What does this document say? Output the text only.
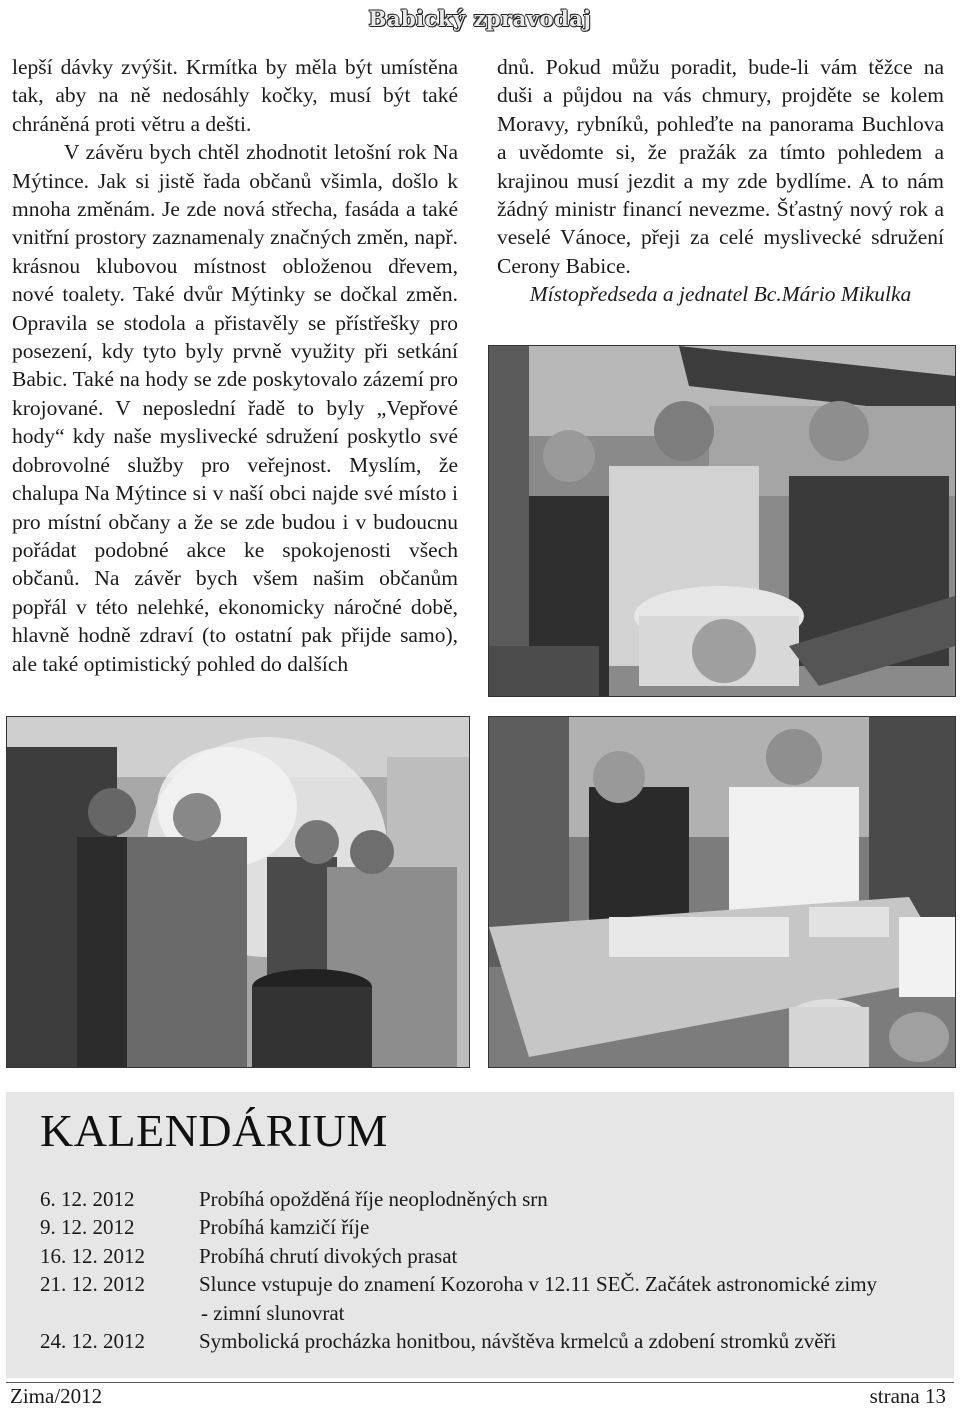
Babický zpravodaj

lepší dávky zvýšit. Krmítka by měla být umístěna tak, aby na ně nedosáhly kočky, musí být také chráněná proti větru a dešti.

V závěru bych chtěl zhodnotit letošní rok Na Mýtince. Jak si jistě řada občanů všimla, došlo k mnoha změnám. Je zde nová střecha, fasáda a také vnitřní prostory zaznamenaly značných změn, např. krásnou klubovou místnost obloženou dřevem, nové toalety. Také dvůr Mýtinky se dočkal změn. Opravila se stodola a přistavěly se přístřešky pro posezení, kdy tyto byly prvně využity při setkání Babic. Také na hody se zde poskytovalo zázemí pro krojované. V neposlední řadě to byly „Vepřové hody“ kdy naše myslivecké sdružení poskytlo své dobrovolné služby pro veřejnost. Myslím, že chalupa Na Mýtince si v naší obci najde své místo i pro místní občany a že se zde budou i v budoucnu pořádat podobné akce ke spokojenosti všech občanů. Na závěr bych všem našim občanům popřál v této nelehké, ekonomicky náročné době, hlavně hodně zdraví (to ostatní pak přijde samo), ale také optimistický pohled do dalších

dnů. Pokud můžu poradit, bude-li vám těžce na duši a půjdou na vás chmury, projděte se kolem Moravy, rybníků, pohleďte na panorama Buchlova a uvědomte si, že pražák za tímto pohledem a krajinou musí jezdit a my zde bydlíme. A to nám žádný ministr financí nevezme. Šťastný nový rok a veselé Vánoce, přeji za celé myslivecké sdružení Cerony Babice.

Místopředseda a jednatel Bc.Mário Mikulka

KALENDÁRIUM
6. 12. 2012	Probíhá opožděná říje neoplodněných srn
9. 12. 2012	Probíhá kamzičí říje
16. 12. 2012	Probíhá chrutí divokých prasat
21. 12. 2012	Slunce vstupuje do znamení Kozoroha v 12.11 SEČ. Začátek astronomické zimy
- zimní slunovrat
24. 12. 2012	Symbolická procházka honitbou, návštěva krmelců a zdobení stromků zvěři
Zima/2012	strana 13
